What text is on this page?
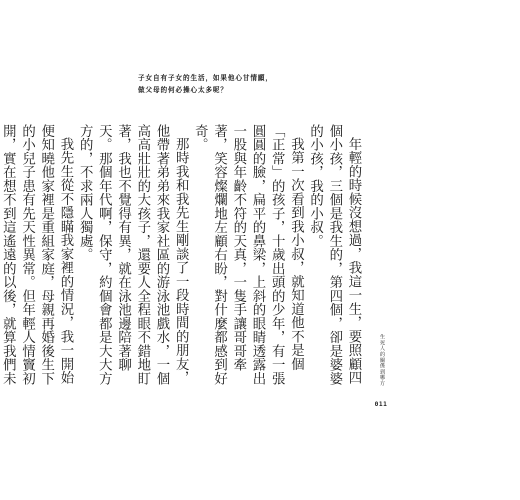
子女自有子女的生活，如果他心甘情願，
做父母的何必操心太多呢？

年輕的時候沒想過，我這一生，要照顧四個小孩，三個是我生的，第四個，卻是婆婆的小孩，我的小叔。

我第一次看到我小叔，就知道他不是個「正常」的孩子，十歲出頭的少年，有一張圓圓的臉，扁平的鼻梁，上斜的眼睛透露出一股與年齡不符的天真，一隻手讓哥哥牽著，笑容燦爛地左顧右盼，對什麼都感到好奇。

那時我和我先生剛談了一段時間的朋友，他帶著弟弟來我家社區的游泳池戲水，一個高高壯壯的大孩子，還要人全程眼不錯地盯著，我也不覺得有異，就在泳池邊陪著聊天。那個年代啊，保守，約個會都是大大方方的，不求兩人獨處。

我先生從不隱瞞我家裡的情況，我一開始便知曉他家裡是重組家庭，母親再婚後生下的小兒子患有先天性異常。但年輕人情竇初開，實在想不到這遙遠的以後，就算我們未	生死人的關係到哪方
011
